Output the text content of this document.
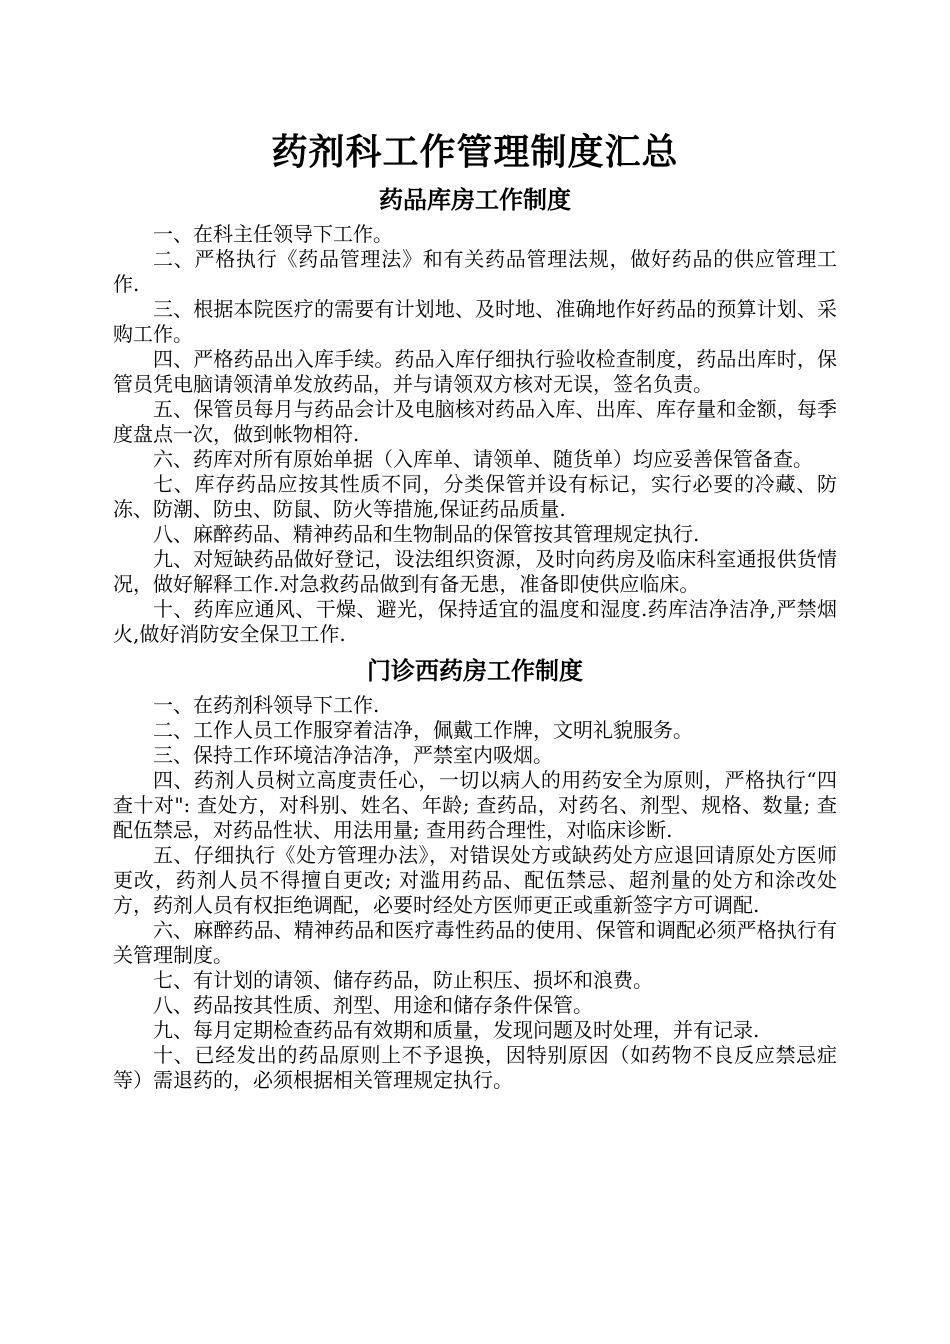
药剂科工作管理制度汇总
药品库房工作制度

一、在科主任领导下工作。

二、严格执行《药品管理法》和有关药品管理法规，做好药品的供应管理工作.

三、根据本院医疗的需要有计划地、及时地、准确地作好药品的预算计划、采购工作。

四、严格药品出入库手续。药品入库仔细执行验收检查制度，药品出库时，保管员凭电脑请领清单发放药品，并与请领双方核对无误，签名负责。

五、保管员每月与药品会计及电脑核对药品入库、出库、库存量和金额，每季度盘点一次，做到帐物相符.

六、药库对所有原始单据（入库单、请领单、随货单）均应妥善保管备查。

七、库存药品应按其性质不同，分类保管并设有标记，实行必要的冷藏、防冻、防潮、防虫、防鼠、防火等措施,保证药品质量.

八、麻醉药品、精神药品和生物制品的保管按其管理规定执行.

九、对短缺药品做好登记，设法组织资源，及时向药房及临床科室通报供货情况，做好解释工作.对急救药品做到有备无患，准备即使供应临床。

十、药库应通风、干燥、避光，保持适宜的温度和湿度.药库洁净洁净,严禁烟火,做好消防安全保卫工作.

门诊西药房工作制度

一、在药剂科领导下工作.

二、工作人员工作服穿着洁净，佩戴工作牌，文明礼貌服务。

三、保持工作环境洁净洁净，严禁室内吸烟。

四、药剂人员树立高度责任心，一切以病人的用药安全为原则，严格执行“四查十对": 查处方，对科别、姓名、年龄; 查药品，对药名、剂型、规格、数量; 查配伍禁忌，对药品性状、用法用量; 查用药合理性，对临床诊断.

五、仔细执行《处方管理办法》，对错误处方或缺药处方应退回请原处方医师更改，药剂人员不得擅自更改; 对滥用药品、配伍禁忌、超剂量的处方和涂改处方，药剂人员有权拒绝调配，必要时经处方医师更正或重新签字方可调配.

六、麻醉药品、精神药品和医疗毒性药品的使用、保管和调配必须严格执行有关管理制度。

七、有计划的请领、储存药品，防止积压、损坏和浪费。

八、药品按其性质、剂型、用途和储存条件保管。

九、每月定期检查药品有效期和质量，发现问题及时处理，并有记录.

十、已经发出的药品原则上不予退换，因特别原因（如药物不良反应禁忌症等）需退药的，必须根据相关管理规定执行。
